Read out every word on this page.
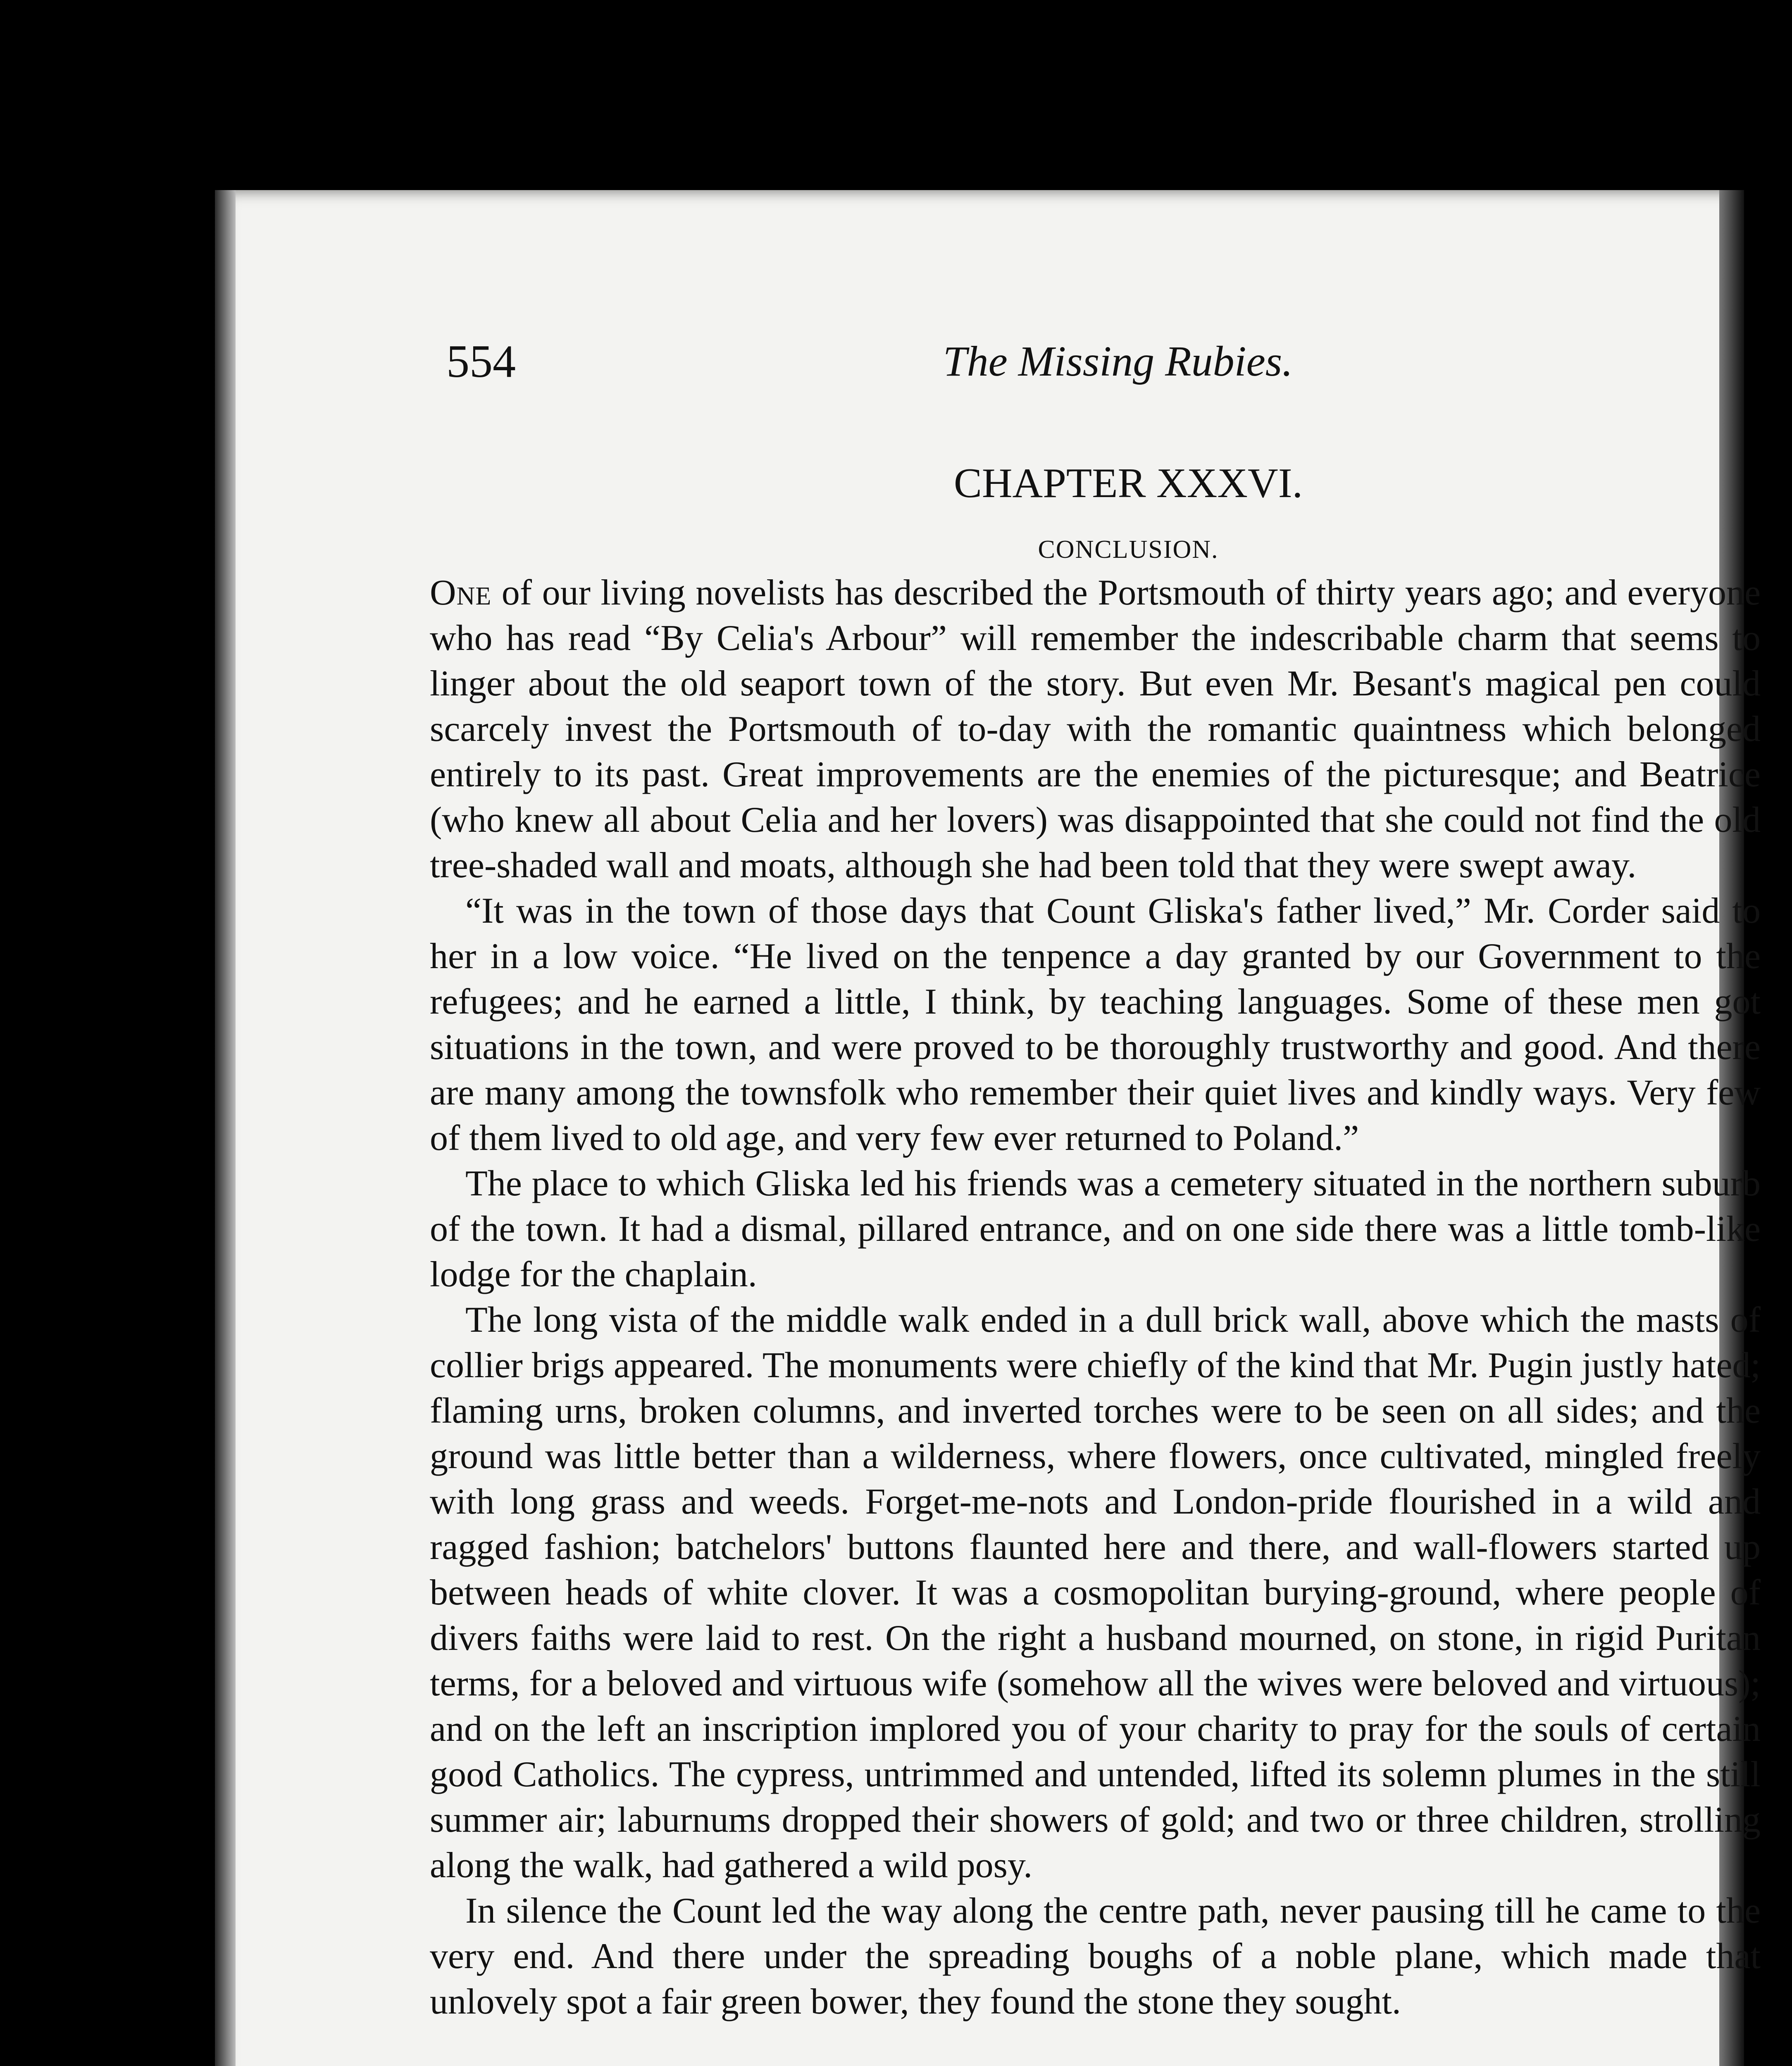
554	The Missing Rubies.
CHAPTER XXXVI.
CONCLUSION.

One of our living novelists has described the Portsmouth of thirty years ago; and everyone who has read “By Celia's Arbour” will remember the indescribable charm that seems to linger about the old seaport town of the story. But even Mr. Besant's magical pen could scarcely invest the Portsmouth of to-day with the romantic quaintness which belonged entirely to its past. Great improvements are the enemies of the picturesque; and Beatrice (who knew all about Celia and her lovers) was disappointed that she could not find the old tree-shaded wall and moats, although she had been told that they were swept away.

“It was in the town of those days that Count Gliska's father lived,” Mr. Corder said to her in a low voice. “He lived on the tenpence a day granted by our Government to the refugees; and he earned a little, I think, by teaching languages. Some of these men got situations in the town, and were proved to be thoroughly trustworthy and good. And there are many among the townsfolk who remember their quiet lives and kindly ways. Very few of them lived to old age, and very few ever returned to Poland.”

The place to which Gliska led his friends was a cemetery situated in the northern suburb of the town. It had a dismal, pillared entrance, and on one side there was a little tomb-like lodge for the chaplain.

The long vista of the middle walk ended in a dull brick wall, above which the masts of collier brigs appeared. The monuments were chiefly of the kind that Mr. Pugin justly hated; flaming urns, broken columns, and inverted torches were to be seen on all sides; and the ground was little better than a wilderness, where flowers, once cultivated, mingled freely with long grass and weeds. Forget-me-nots and London-pride flourished in a wild and ragged fashion; batchelors' buttons flaunted here and there, and wall-flowers started up between heads of white clover. It was a cosmopolitan burying-ground, where people of divers faiths were laid to rest. On the right a husband mourned, on stone, in rigid Puritan terms, for a beloved and virtuous wife (somehow all the wives were beloved and virtuous); and on the left an inscription implored you of your charity to pray for the souls of certain good Catholics. The cypress, untrimmed and untended, lifted its solemn plumes in the still summer air; laburnums dropped their showers of gold; and two or three children, strolling along the walk, had gathered a wild posy.

In silence the Count led the way along the centre path, never pausing till he came to the very end. And there under the spreading boughs of a noble plane, which made that unlovely spot a fair green bower, they found the stone they sought.
